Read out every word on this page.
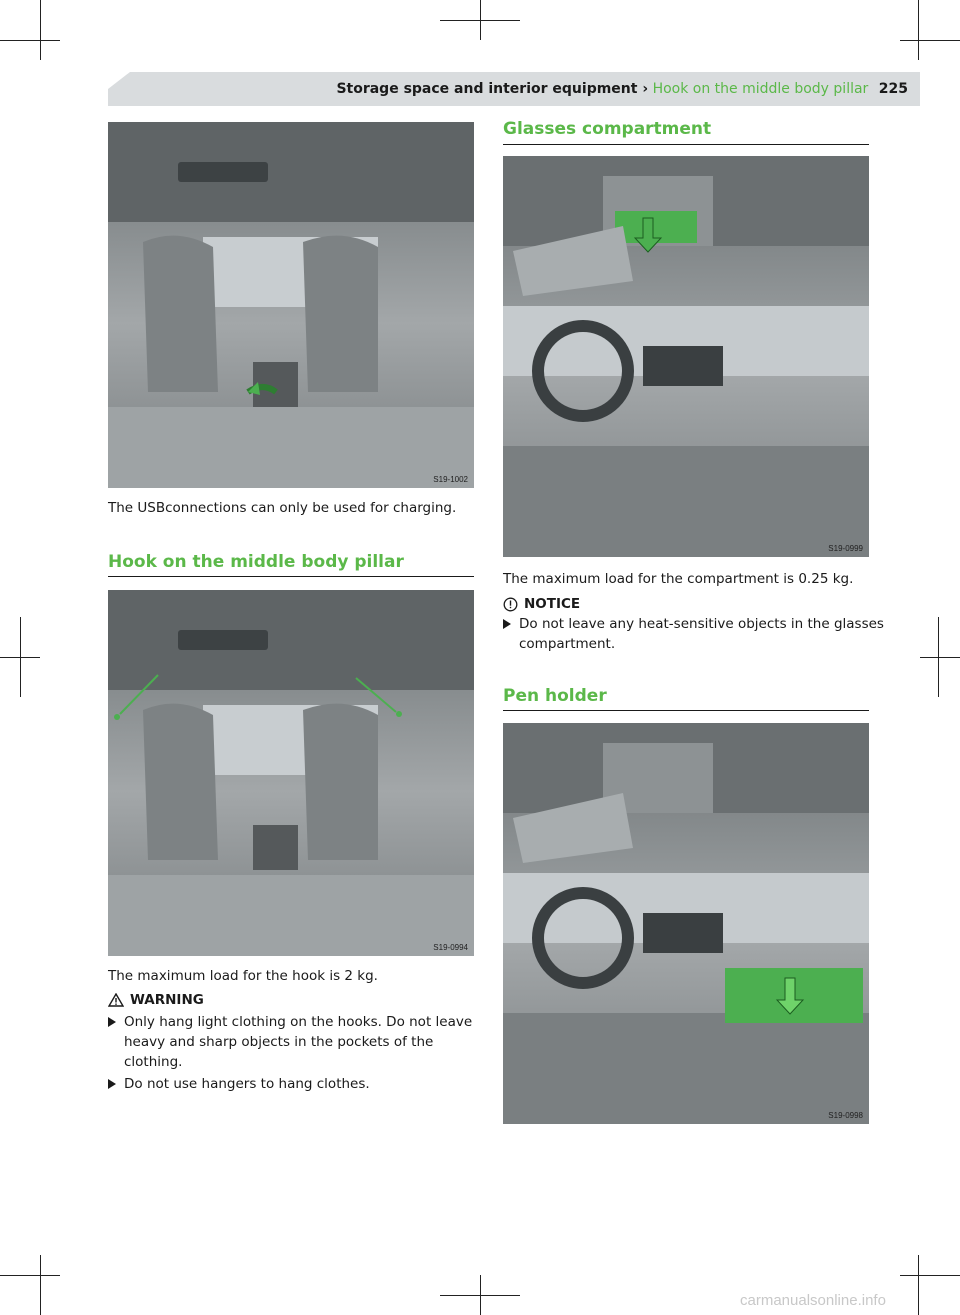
Storage space and interior equipment › Hook on the middle body pillar 225
S19-1002
The USBconnections can only be used for charging.
Hook on the middle body pillar
S19-0994
The maximum load for the hook is 2 kg.
WARNING
Only hang light clothing on the hooks. Do not leave heavy and sharp objects in the pockets of the clothing.
Do not use hangers to hang clothes.
Glasses compartment
S19-0999
The maximum load for the compartment is 0.25 kg.
NOTICE
Do not leave any heat-sensitive objects in the glasses compartment.
Pen holder
S19-0998
carmanualsonline.info
